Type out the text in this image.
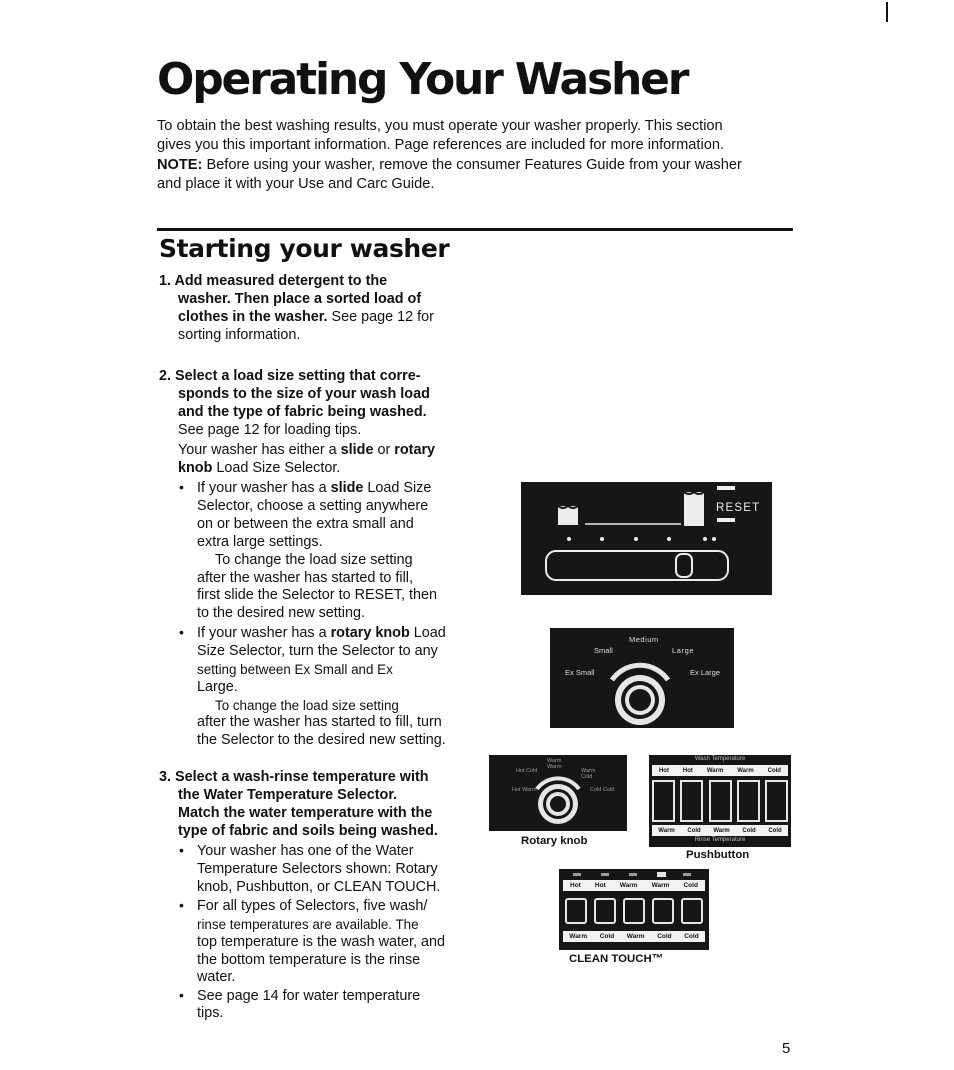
Operating Your Washer

To obtain the best washing results, you must operate your washer properly. This section

gives you this important information. Page references are included for more information.

NOTE: Before using your washer, remove the consumer Features Guide from your washer

and place it with your Use and Carc Guide.

Starting your washer
1. Add measured detergent to the
washer. Then place a sorted load of
clothes in the washer. See page 12 for
sorting information.
2. Select a load size setting that corre-
sponds to the size of your wash load
and the type of fabric being washed.
See page 12 for loading tips.
Your washer has either a slide or rotary
knob Load Size Selector.
• If your washer has a slide Load Size
Selector, choose a setting anywhere
on or between the extra small and
extra large settings.
To change the load size setting
after the washer has started to fill,
first slide the Selector to RESET, then
to the desired new setting.
• If your washer has a rotary knob Load
Size Selector, turn the Selector to any
setting between Ex Small and Ex
Large.
To change the load size setting
after the washer has started to fill, turn
the Selector to the desired new setting.
3. Select a wash-rinse temperature with
the Water Temperature Selector.
Match the water temperature with the
type of fabric and soils being washed.
• Your washer has one of the Water
Temperature Selectors shown: Rotary
knob, Pushbutton, or CLEAN TOUCH.
• For all types of Selectors, five wash/
rinse temperatures are available. The
top temperature is the wash water, and
the bottom temperature is the rinse
water.
• See page 14 for water temperature
tips.
RESET
Medium
Small	Large
Ex Small	Ex Large
Warm Warm
Hot Cold	Warm Cold
Hot Warm	Cold Cold
Rotary knob
Wash Temperature
Hot Hot Warm Warm Cold
Warm Cold Warm Cold Cold
Rinse Temperature
Pushbutton
Hot Hot Warm Warm Cold
Warm Cold Warm Cold Cold
CLEAN TOUCH™
5
